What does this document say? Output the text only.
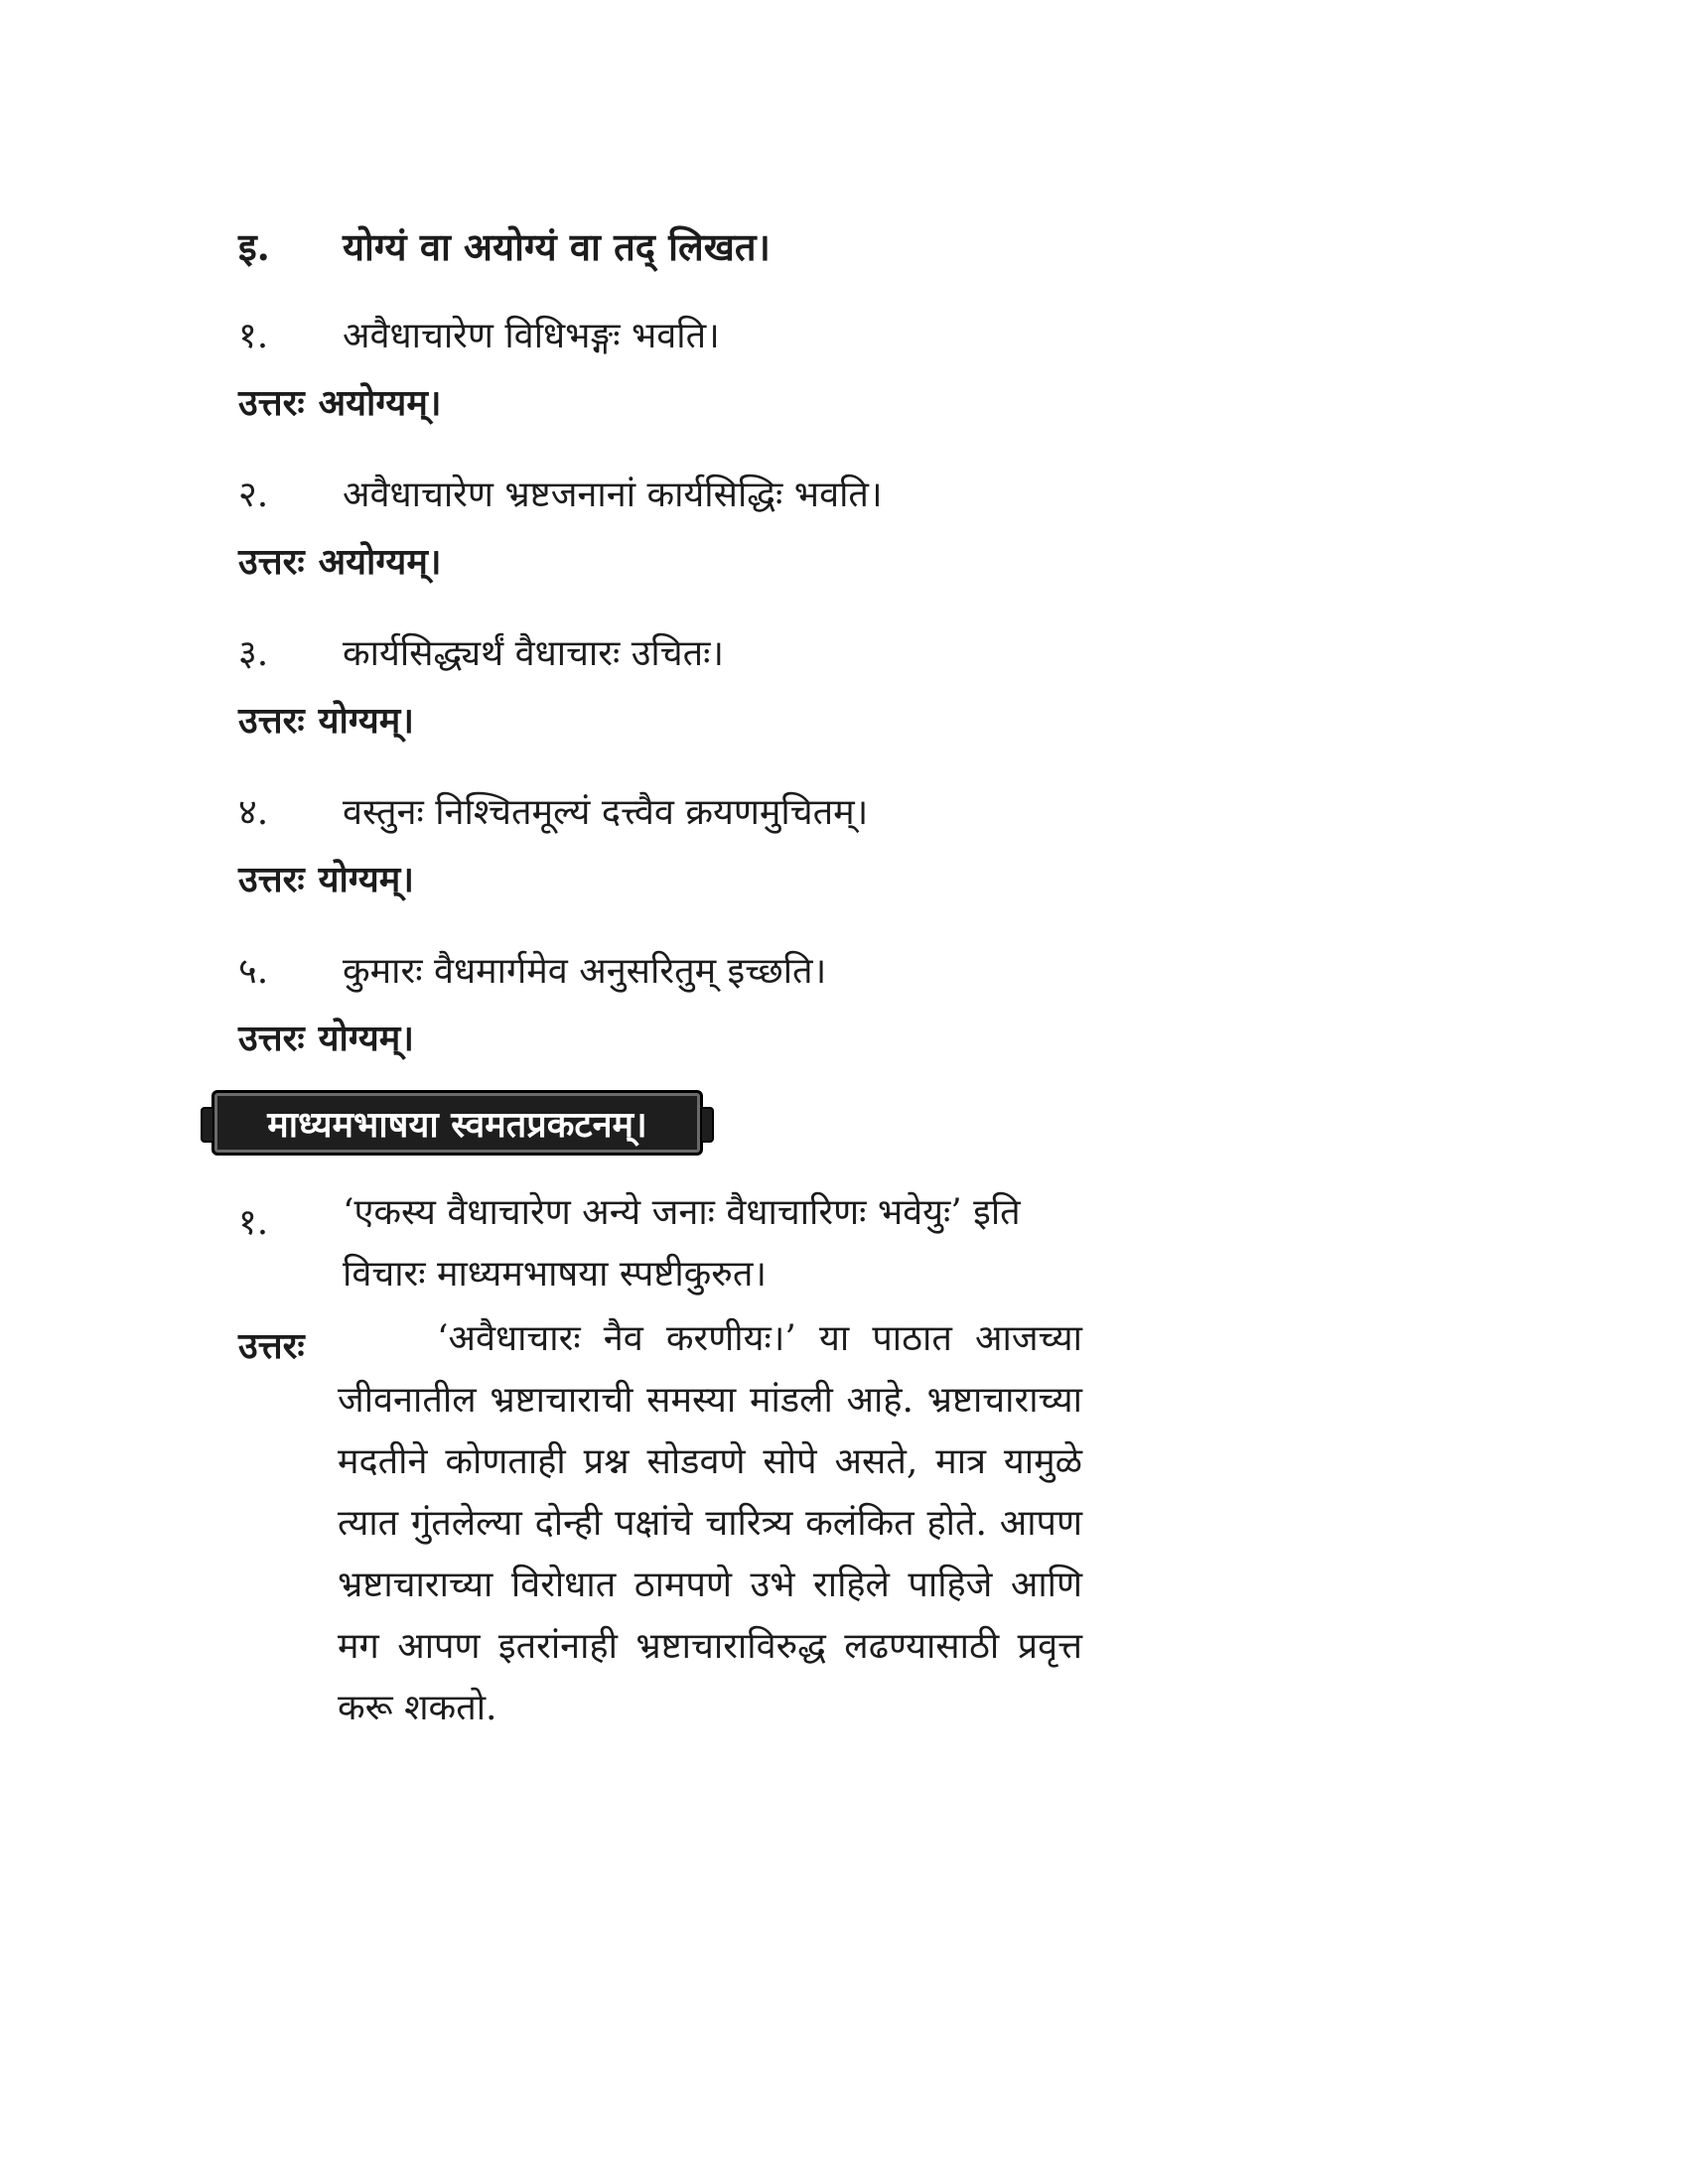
इ.	योग्यं वा अयोग्यं वा तद् लिखत।
१.	अवैधाचारेण विधिभङ्गः भवति।
उत्तरः अयोग्यम्।
२.	अवैधाचारेण भ्रष्टजनानां कार्यसिद्धिः भवति।
उत्तरः अयोग्यम्।
३.	कार्यसिद्ध्यर्थं वैधाचारः उचितः।
उत्तरः योग्यम्।
४.	वस्तुनः निश्चितमूल्यं दत्त्वैव क्रयणमुचितम्।
उत्तरः योग्यम्।
५.	कुमारः वैधमार्गमेव अनुसरितुम् इच्छति।
उत्तरः योग्यम्।
माध्यमभाषया स्वमतप्रकटनम्।
१.	‘एकस्य वैधाचारेण अन्ये जनाः वैधाचारिणः भवेयुः’ इति विचारः माध्यमभाषया स्पष्टीकुरुत।
उत्तरः	‘अवैधाचारः नैव करणीयः।’ या पाठात आजच्या जीवनातील भ्रष्टाचाराची समस्या मांडली आहे. भ्रष्टाचाराच्या मदतीने कोणताही प्रश्न सोडवणे सोपे असते, मात्र यामुळे त्यात गुंतलेल्या दोन्ही पक्षांचे चारित्र्य कलंकित होते. आपण भ्रष्टाचाराच्या विरोधात ठामपणे उभे राहिले पाहिजे आणि मग आपण इतरांनाही भ्रष्टाचाराविरुद्ध लढण्यासाठी प्रवृत्त करू शकतो.
